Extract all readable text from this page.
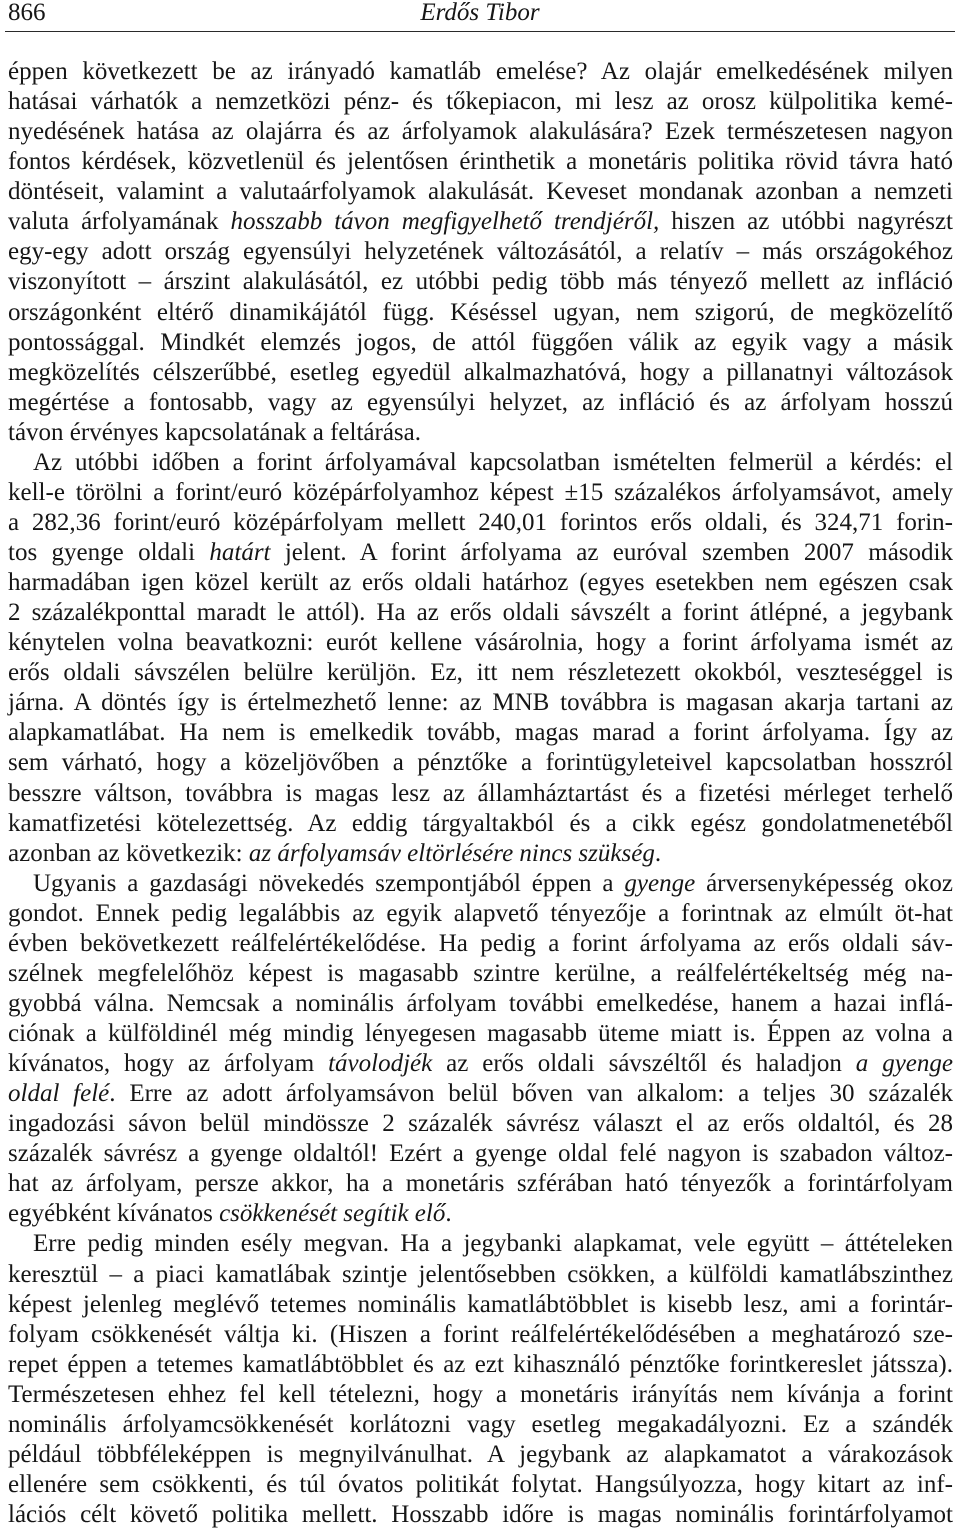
866	Erdős Tibor
éppen következett be az irányadó kamatláb emelése? Az olajár emelkedésének milyen
hatásai várhatók a nemzetközi pénz- és tőkepiacon, mi lesz az orosz külpolitika kemé-
nyedésének hatása az olajárra és az árfolyamok alakulására? Ezek természetesen nagyon
fontos kérdések, közvetlenül és jelentősen érinthetik a monetáris politika rövid távra ható
döntéseit, valamint a valutaárfolyamok alakulását. Keveset mondanak azonban a nemzeti
valuta árfolyamának hosszabb távon megfigyelhető trendjéről, hiszen az utóbbi nagyrészt
egy-egy adott ország egyensúlyi helyzetének változásától, a relatív – más országokéhoz
viszonyított – árszint alakulásától, ez utóbbi pedig több más tényező mellett az infláció
országonként eltérő dinamikájától függ. Késéssel ugyan, nem szigorú, de megközelítő
pontossággal. Mindkét elemzés jogos, de attól függően válik az egyik vagy a másik
megközelítés célszerűbbé, esetleg egyedül alkalmazhatóvá, hogy a pillanatnyi változások
megértése a fontosabb, vagy az egyensúlyi helyzet, az infláció és az árfolyam hosszú
távon érvényes kapcsolatának a feltárása.
Az utóbbi időben a forint árfolyamával kapcsolatban ismételten felmerül a kérdés: el
kell-e törölni a forint/euró középárfolyamhoz képest ±15 százalékos árfolyamsávot, amely
a 282,36 forint/euró középárfolyam mellett 240,01 forintos erős oldali, és 324,71 forin-
tos gyenge oldali határt jelent. A forint árfolyama az euróval szemben 2007 második
harmadában igen közel került az erős oldali határhoz (egyes esetekben nem egészen csak
2 százalékponttal maradt le attól). Ha az erős oldali sávszélt a forint átlépné, a jegybank
kénytelen volna beavatkozni: eurót kellene vásárolnia, hogy a forint árfolyama ismét az
erős oldali sávszélen belülre kerüljön. Ez, itt nem részletezett okokból, veszteséggel is
járna. A döntés így is értelmezhető lenne: az MNB továbbra is magasan akarja tartani az
alapkamatlábat. Ha nem is emelkedik tovább, magas marad a forint árfolyama. Így az
sem várható, hogy a közeljövőben a pénztőke a forintügyleteivel kapcsolatban hosszról
besszre váltson, továbbra is magas lesz az államháztartást és a fizetési mérleget terhelő
kamatfizetési kötelezettség. Az eddig tárgyaltakból és a cikk egész gondolatmenetéből
azonban az következik: az árfolyamsáv eltörlésére nincs szükség.
Ugyanis a gazdasági növekedés szempontjából éppen a gyenge árversenyképesség okoz
gondot. Ennek pedig legalábbis az egyik alapvető tényezője a forintnak az elmúlt öt-hat
évben bekövetkezett reálfelértékelődése. Ha pedig a forint árfolyama az erős oldali sáv-
szélnek megfelelőhöz képest is magasabb szintre kerülne, a reálfelértékeltség még na-
gyobbá válna. Nemcsak a nominális árfolyam további emelkedése, hanem a hazai inflá-
ciónak a külföldinél még mindig lényegesen magasabb üteme miatt is. Éppen az volna a
kívánatos, hogy az árfolyam távolodjék az erős oldali sávszéltől és haladjon a gyenge
oldal felé. Erre az adott árfolyamsávon belül bőven van alkalom: a teljes 30 százalék
ingadozási sávon belül mindössze 2 százalék sávrész választ el az erős oldaltól, és 28
százalék sávrész a gyenge oldaltól! Ezért a gyenge oldal felé nagyon is szabadon változ-
hat az árfolyam, persze akkor, ha a monetáris szférában ható tényezők a forintárfolyam
egyébként kívánatos csökkenését segítik elő.
Erre pedig minden esély megvan. Ha a jegybanki alapkamat, vele együtt – áttételeken
keresztül – a piaci kamatlábak szintje jelentősebben csökken, a külföldi kamatlábszinthez
képest jelenleg meglévő tetemes nominális kamatlábtöbblet is kisebb lesz, ami a forintár-
folyam csökkenését váltja ki. (Hiszen a forint reálfelértékelődésében a meghatározó sze-
repet éppen a tetemes kamatlábtöbblet és az ezt kihasználó pénztőke forintkereslet játssza).
Természetesen ehhez fel kell tételezni, hogy a monetáris irányítás nem kívánja a forint
nominális árfolyamcsökkenését korlátozni vagy esetleg megakadályozni. Ez a szándék
például többféleképpen is megnyilvánulhat. A jegybank az alapkamatot a várakozások
ellenére sem csökkenti, és túl óvatos politikát folytat. Hangsúlyozza, hogy kitart az inf-
lációs célt követő politika mellett. Hosszabb időre is magas nominális forintárfolyamot
